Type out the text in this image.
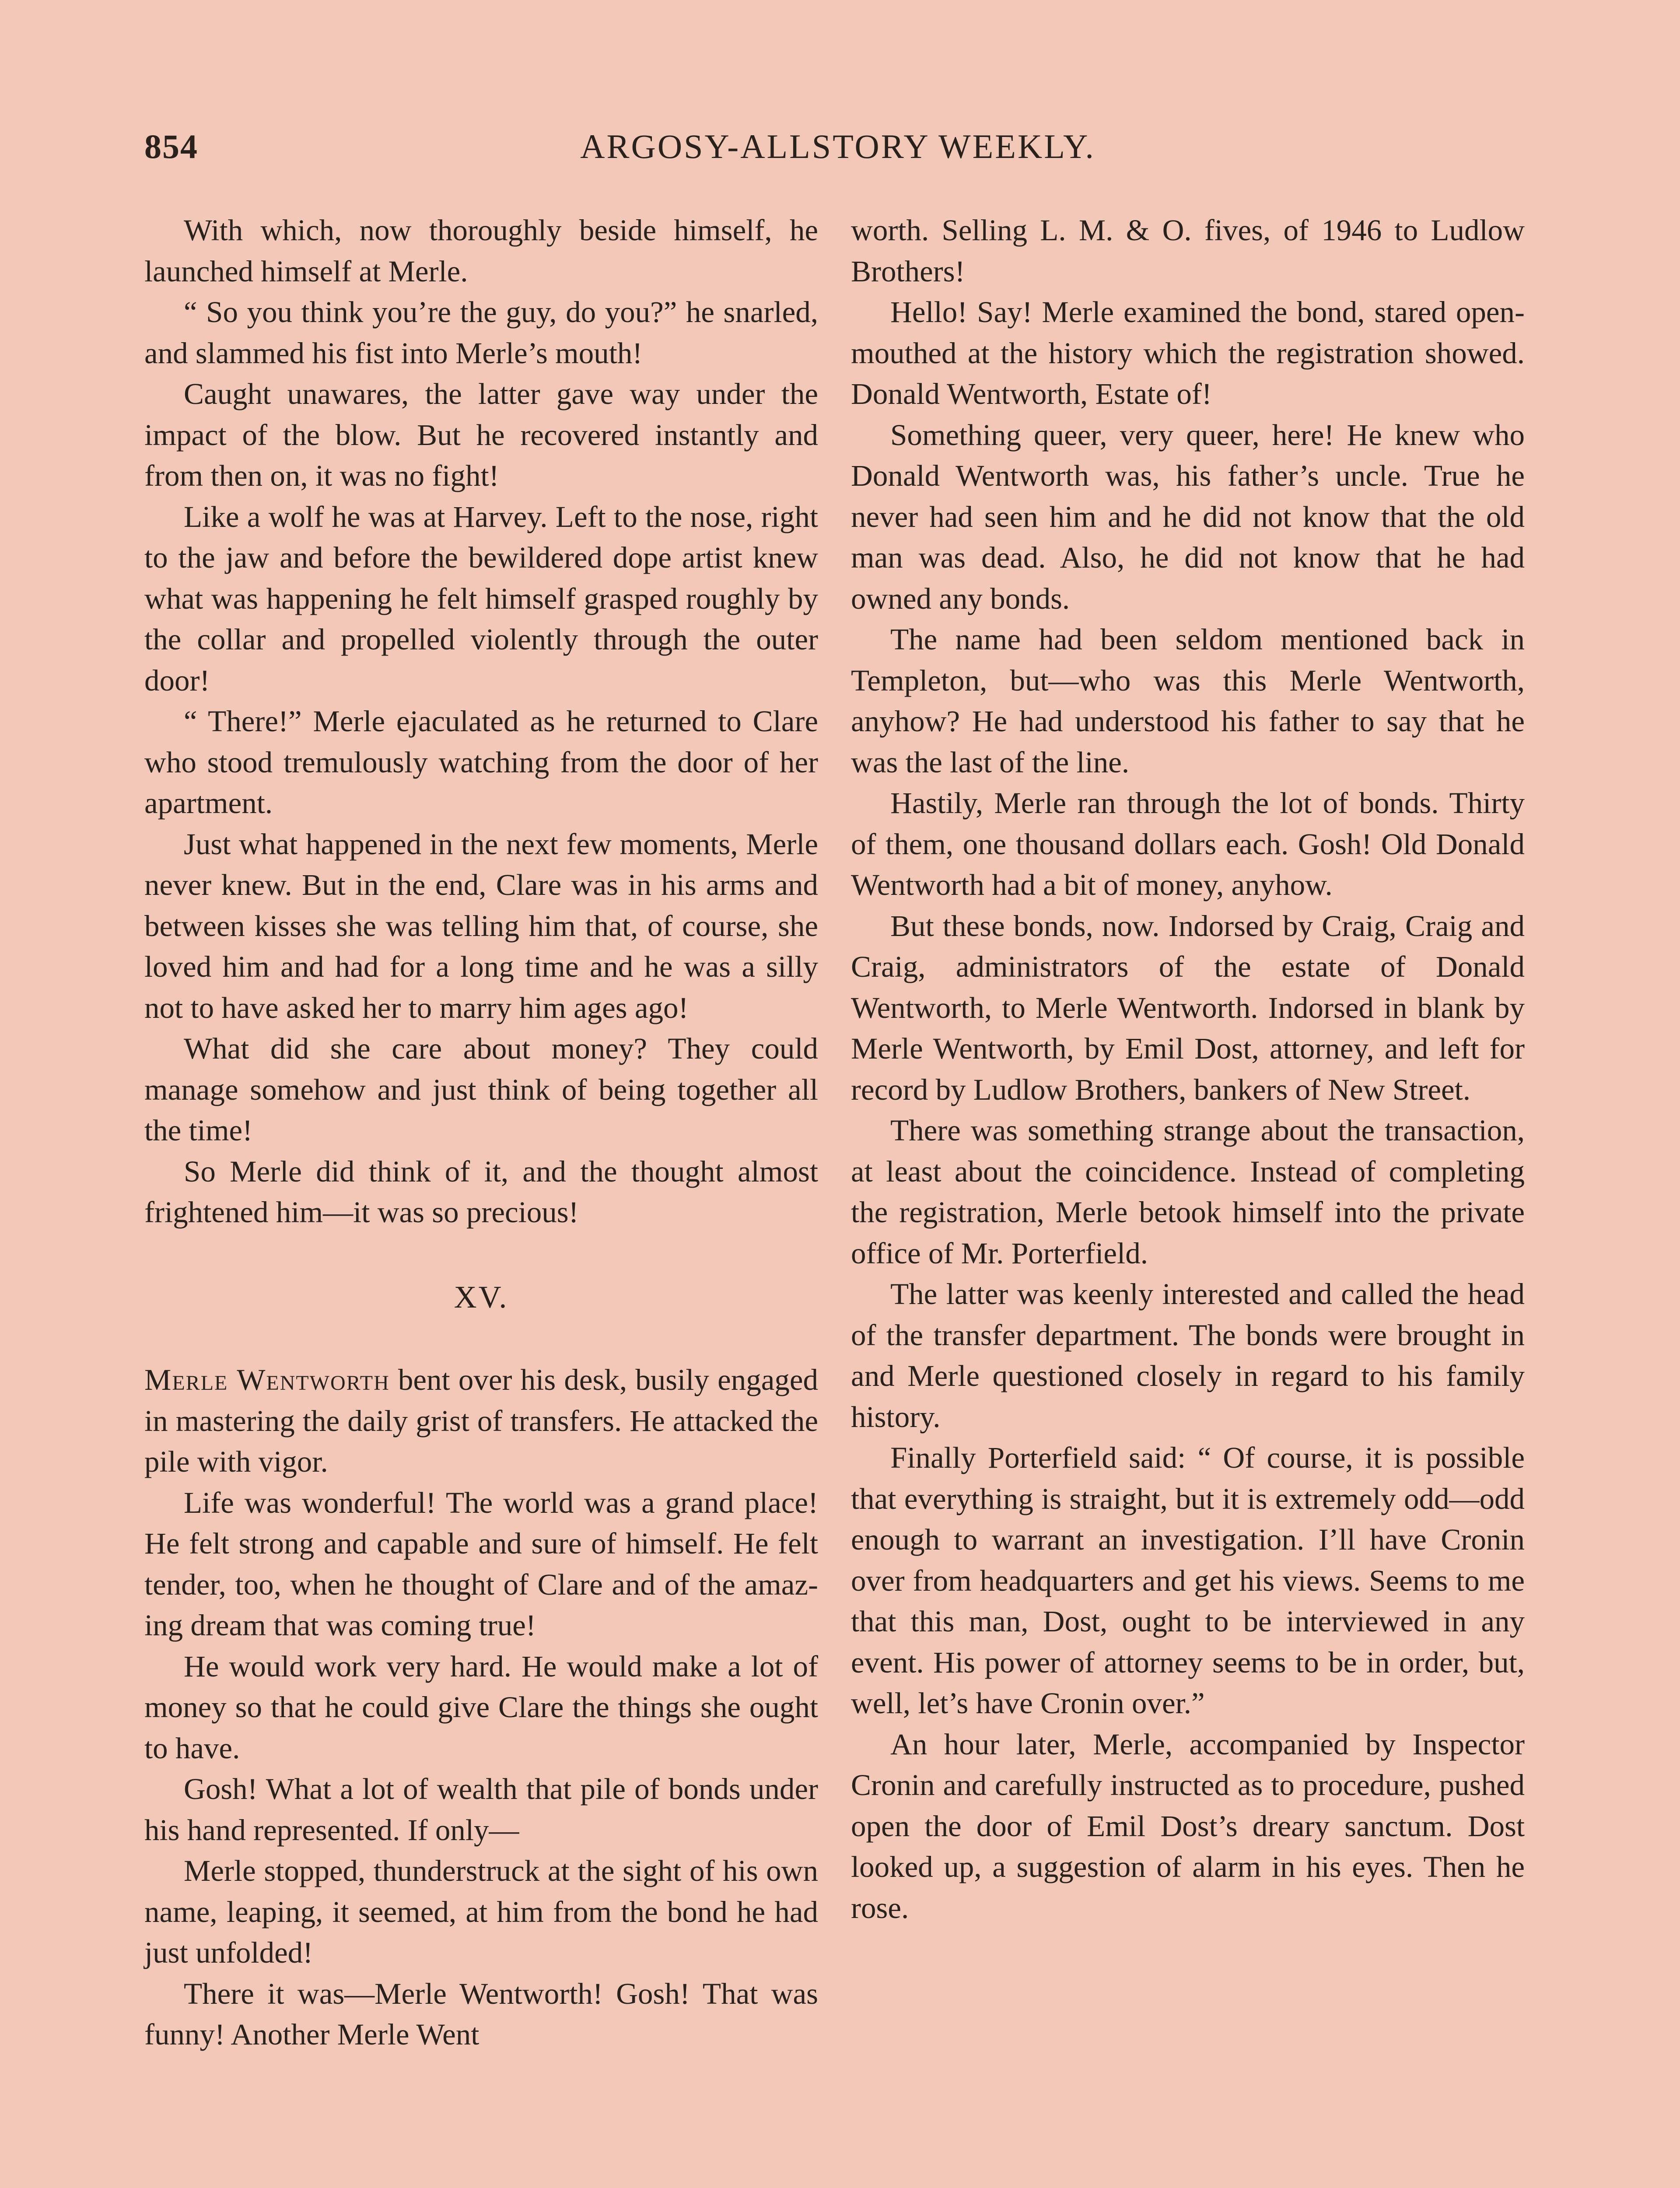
854	ARGOSY-ALLSTORY WEEKLY.

With which, now thoroughly beside himself, he launched himself at Merle.

“ So you think you’re the guy, do you?” he snarled, and slammed his fist into Merle’s mouth!

Caught unawares, the latter gave way under the impact of the blow. But he recovered instantly and from then on, it was no fight!

Like a wolf he was at Harvey. Left to the nose, right to the jaw and before the bewildered dope artist knew what was happening he felt himself grasped roughly by the collar and propelled violently through the outer door!

“ There!” Merle ejaculated as he returned to Clare who stood tremulously watching from the door of her apartment.

Just what happened in the next few moments, Merle never knew. But in the end, Clare was in his arms and between kisses she was telling him that, of course, she loved him and had for a long time and he was a silly not to have asked her to marry him ages ago!

What did she care about money? They could manage somehow and just think of being together all the time!

So Merle did think of it, and the thought almost frightened him—it was so precious!

XV.

Merle Wentworth bent over his desk, busily engaged in mastering the daily grist of transfers. He attacked the pile with vigor.

Life was wonderful! The world was a grand place! He felt strong and capable and sure of himself. He felt tender, too, when he thought of Clare and of the amazing dream that was coming true!

He would work very hard. He would make a lot of money so that he could give Clare the things she ought to have.

Gosh! What a lot of wealth that pile of bonds under his hand represented. If only—

Merle stopped, thunderstruck at the sight of his own name, leaping, it seemed, at him from the bond he had just unfolded!

There it was—Merle Wentworth! Gosh! That was funny! Another Merle Went

worth. Selling L. M. & O. fives, of 1946 to Ludlow Brothers!

Hello! Say! Merle examined the bond, stared open-mouthed at the history which the registration showed. Donald Wentworth, Estate of!

Something queer, very queer, here! He knew who Donald Wentworth was, his father’s uncle. True he never had seen him and he did not know that the old man was dead. Also, he did not know that he had owned any bonds.

The name had been seldom mentioned back in Templeton, but—who was this Merle Wentworth, anyhow? He had understood his father to say that he was the last of the line.

Hastily, Merle ran through the lot of bonds. Thirty of them, one thousand dollars each. Gosh! Old Donald Wentworth had a bit of money, anyhow.

But these bonds, now. Indorsed by Craig, Craig and Craig, administrators of the estate of Donald Wentworth, to Merle Wentworth. Indorsed in blank by Merle Wentworth, by Emil Dost, attorney, and left for record by Ludlow Brothers, bankers of New Street.

There was something strange about the transaction, at least about the coincidence. Instead of completing the registration, Merle betook himself into the private office of Mr. Porterfield.

The latter was keenly interested and called the head of the transfer department. The bonds were brought in and Merle questioned closely in regard to his family history.

Finally Porterfield said: “ Of course, it is possible that everything is straight, but it is extremely odd—odd enough to warrant an investigation. I’ll have Cronin over from headquarters and get his views. Seems to me that this man, Dost, ought to be interviewed in any event. His power of attorney seems to be in order, but, well, let’s have Cronin over.”

An hour later, Merle, accompanied by Inspector Cronin and carefully instructed as to procedure, pushed open the door of Emil Dost’s dreary sanctum. Dost looked up, a suggestion of alarm in his eyes. Then he rose.
